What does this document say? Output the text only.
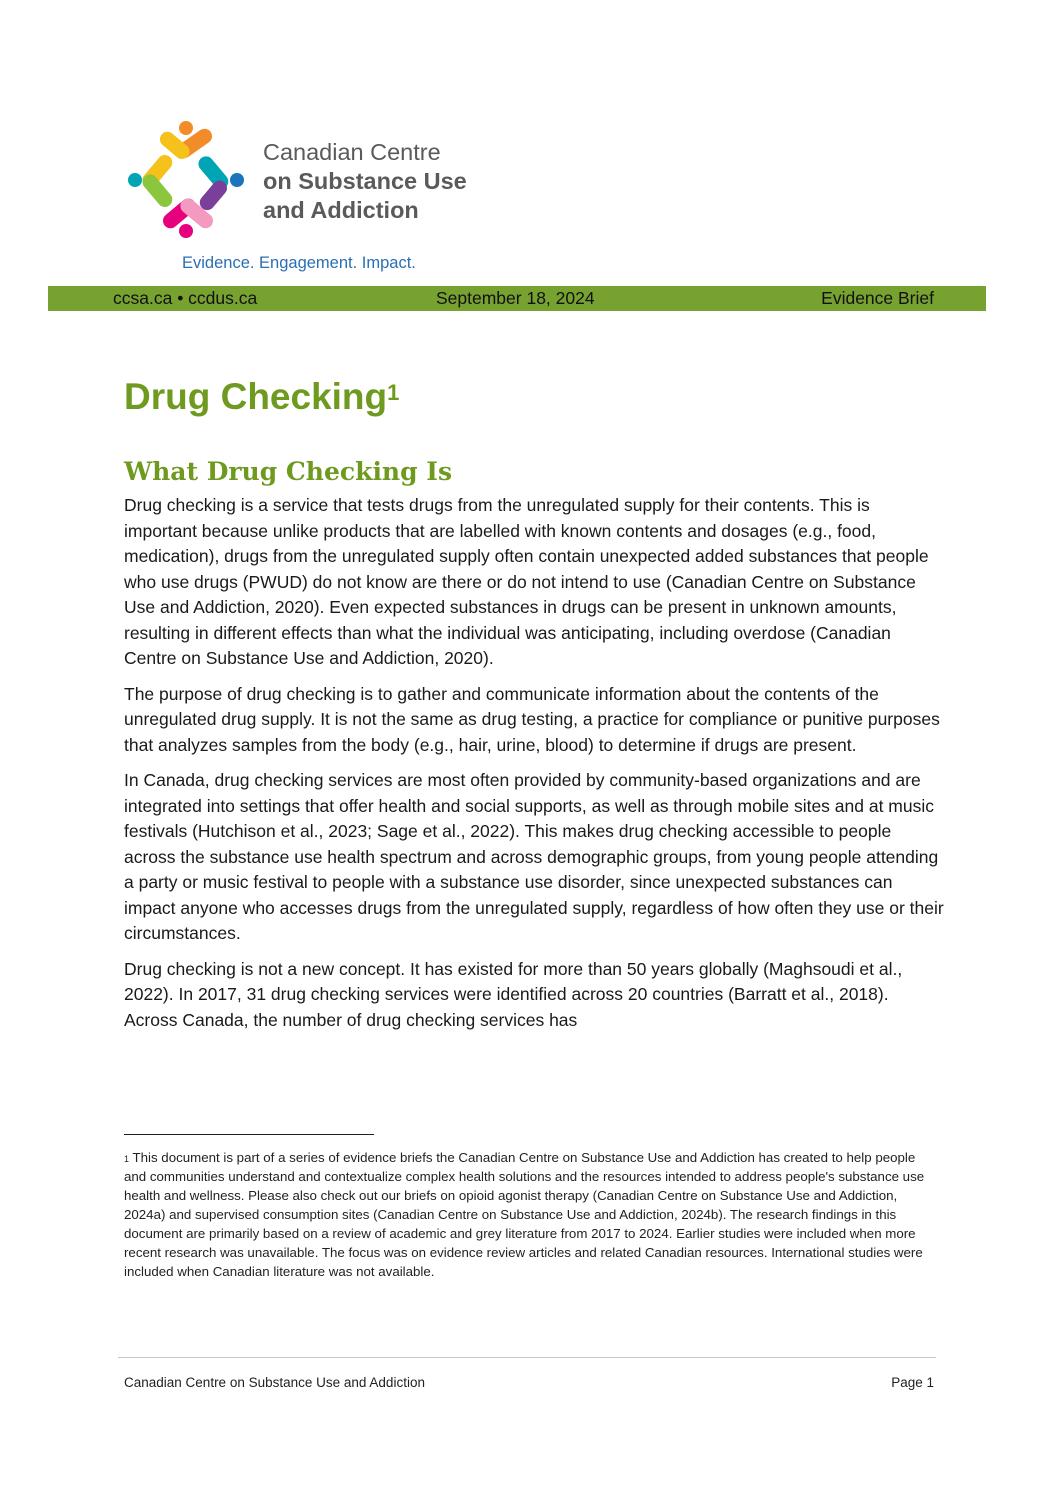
Canadian Centre
on Substance Use
and Addiction
Evidence. Engagement. Impact.
ccsa.ca • ccdus.ca	September 18, 2024	Evidence Brief
Drug Checking$^1$
What Drug Checking Is

Drug checking is a service that tests drugs from the unregulated supply for their contents. This is important because unlike products that are labelled with known contents and dosages (e.g., food, medication), drugs from the unregulated supply often contain unexpected added substances that people who use drugs (PWUD) do not know are there or do not intend to use (Canadian Centre on Substance Use and Addiction, 2020). Even expected substances in drugs can be present in unknown amounts, resulting in different effects than what the individual was anticipating, including overdose (Canadian Centre on Substance Use and Addiction, 2020).

The purpose of drug checking is to gather and communicate information about the contents of the unregulated drug supply. It is not the same as drug testing, a practice for compliance or punitive purposes that analyzes samples from the body (e.g., hair, urine, blood) to determine if drugs are present.

In Canada, drug checking services are most often provided by community-based organizations and are integrated into settings that offer health and social supports, as well as through mobile sites and at music festivals (Hutchison et al., 2023; Sage et al., 2022). This makes drug checking accessible to people across the substance use health spectrum and across demographic groups, from young people attending a party or music festival to people with a substance use disorder, since unexpected substances can impact anyone who accesses drugs from the unregulated supply, regardless of how often they use or their circumstances.

Drug checking is not a new concept. It has existed for more than 50 years globally (Maghsoudi et al., 2022). In 2017, 31 drug checking services were identified across 20 countries (Barratt et al., 2018). Across Canada, the number of drug checking services has

$^1$ This document is part of a series of evidence briefs the Canadian Centre on Substance Use and Addiction has created to help people and communities understand and contextualize complex health solutions and the resources intended to address people's substance use health and wellness. Please also check out our briefs on opioid agonist therapy (Canadian Centre on Substance Use and Addiction, 2024a) and supervised consumption sites (Canadian Centre on Substance Use and Addiction, 2024b). The research findings in this document are primarily based on a review of academic and grey literature from 2017 to 2024. Earlier studies were included when more recent research was unavailable. The focus was on evidence review articles and related Canadian resources. International studies were included when Canadian literature was not available.

Canadian Centre on Substance Use and Addiction	Page 1
